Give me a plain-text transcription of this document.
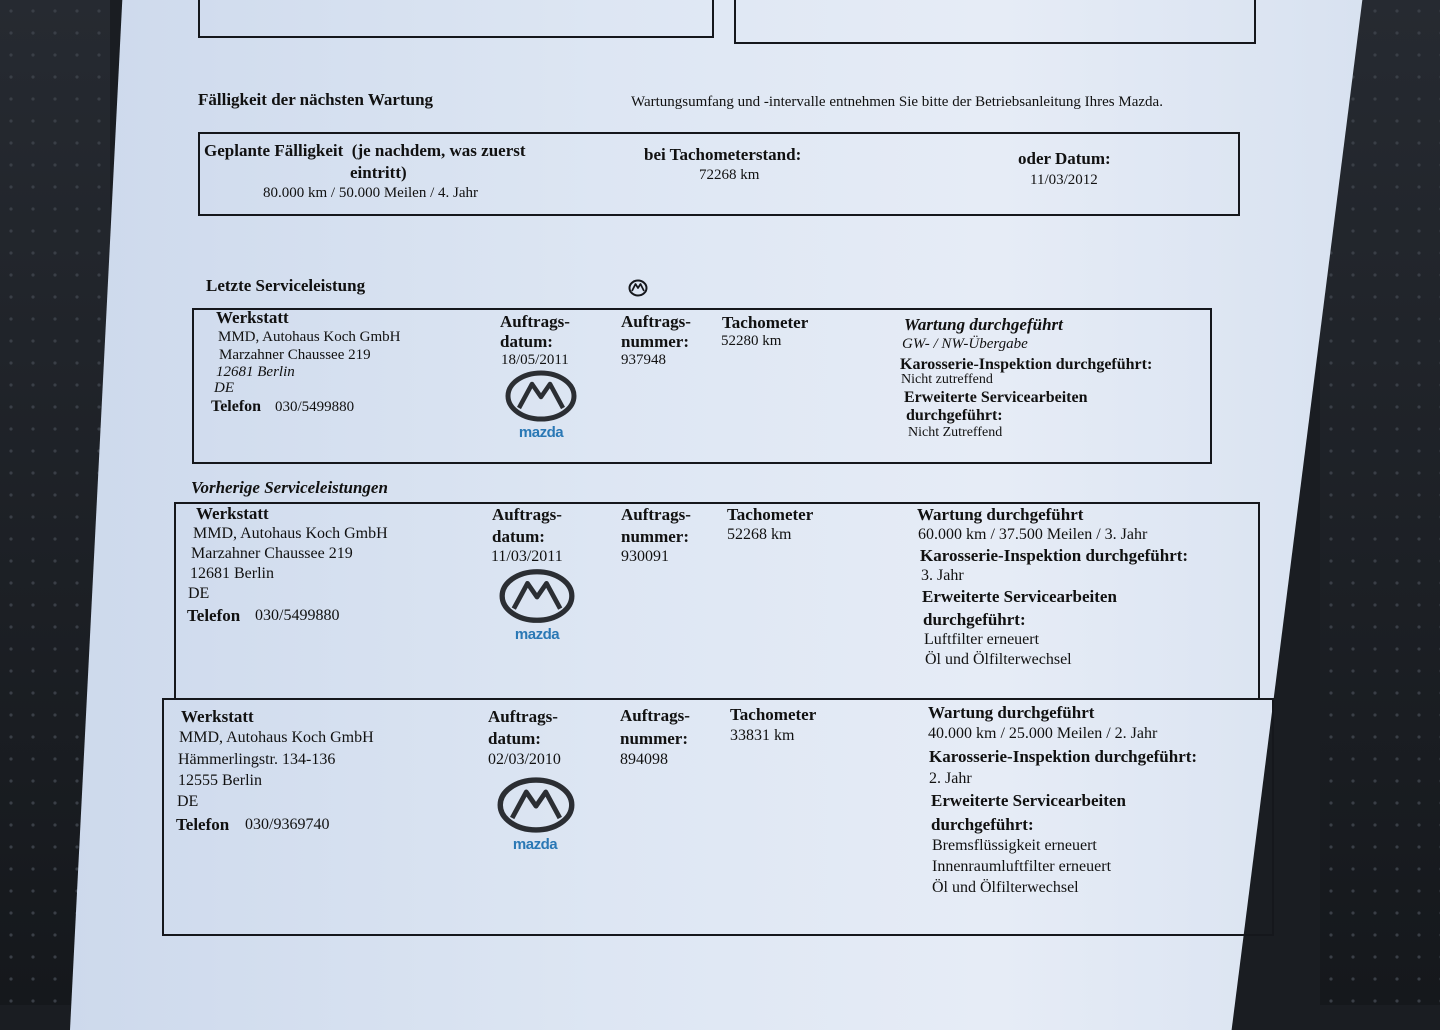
Fälligkeit der nächsten Wartung	Wartungsumfang und -intervalle entnehmen Sie bitte der Betriebsanleitung Ihres Mazda.
Geplante Fälligkeit  (je nachdem, was zuerst
eintritt)
80.000 km / 50.000 Meilen / 4. Jahr
bei Tachometerstand:
72268 km
oder Datum:
11/03/2012
Letzte Serviceleistung
Werkstatt
MMD, Autohaus Koch GmbH
Marzahner Chaussee 219
12681 Berlin
DE
Telefon 030/5499880
Auftrags-
datum:
18/05/2011
mazda
Auftrags-
nummer:
937948
Tachometer
52280 km
Wartung durchgeführt
GW- / NW-Übergabe
Karosserie-Inspektion durchgeführt:
Nicht zutreffend
Erweiterte Servicearbeiten
durchgeführt:
Nicht Zutreffend
Vorherige Serviceleistungen
Werkstatt
MMD, Autohaus Koch GmbH
Marzahner Chaussee 219
12681 Berlin
DE
Telefon 030/5499880
Auftrags-
datum:
11/03/2011
mazda
Auftrags-
nummer:
930091
Tachometer
52268 km
Wartung durchgeführt
60.000 km / 37.500 Meilen / 3. Jahr
Karosserie-Inspektion durchgeführt:
3. Jahr
Erweiterte Servicearbeiten
durchgeführt:
Luftfilter erneuert
Öl und Ölfilterwechsel
Werkstatt
MMD, Autohaus Koch GmbH
Hämmerlingstr. 134-136
12555 Berlin
DE
Telefon 030/9369740
Auftrags-
datum:
02/03/2010
mazda
Auftrags-
nummer:
894098
Tachometer
33831 km
Wartung durchgeführt
40.000 km / 25.000 Meilen / 2. Jahr
Karosserie-Inspektion durchgeführt:
2. Jahr
Erweiterte Servicearbeiten
durchgeführt:
Bremsflüssigkeit erneuert
Innenraumluftfilter erneuert
Öl und Ölfilterwechsel
